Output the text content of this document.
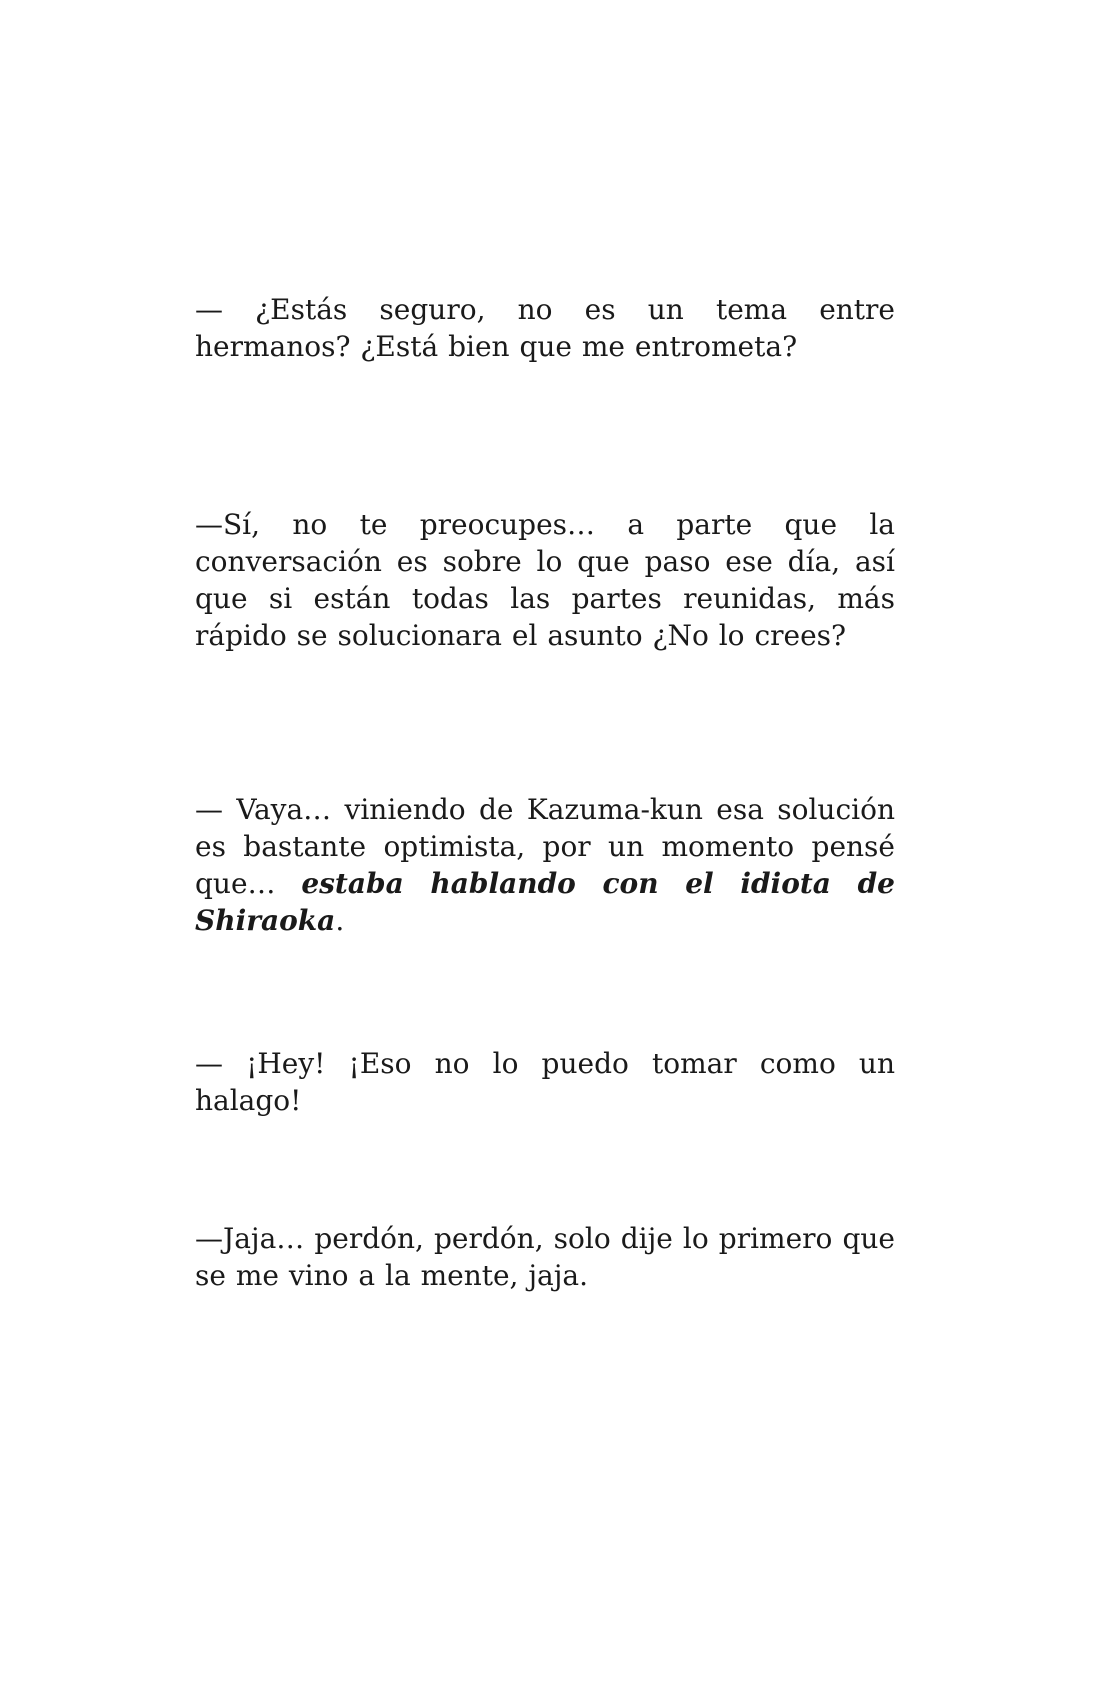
— ¿Estás seguro, no es un tema entre hermanos? ¿Está bien que me entrometa?

—Sí, no te preocupes… a parte que la conversación es sobre lo que paso ese día, así que si están todas las partes reunidas, más rápido se solucionara el asunto ¿No lo crees?

— Vaya… viniendo de Kazuma-kun esa solución es bastante optimista, por un momento pensé que… estaba hablando con el idiota de Shiraoka.

— ¡Hey! ¡Eso no lo puedo tomar como un halago!

—Jaja… perdón, perdón, solo dije lo primero que se me vino a la mente, jaja.
